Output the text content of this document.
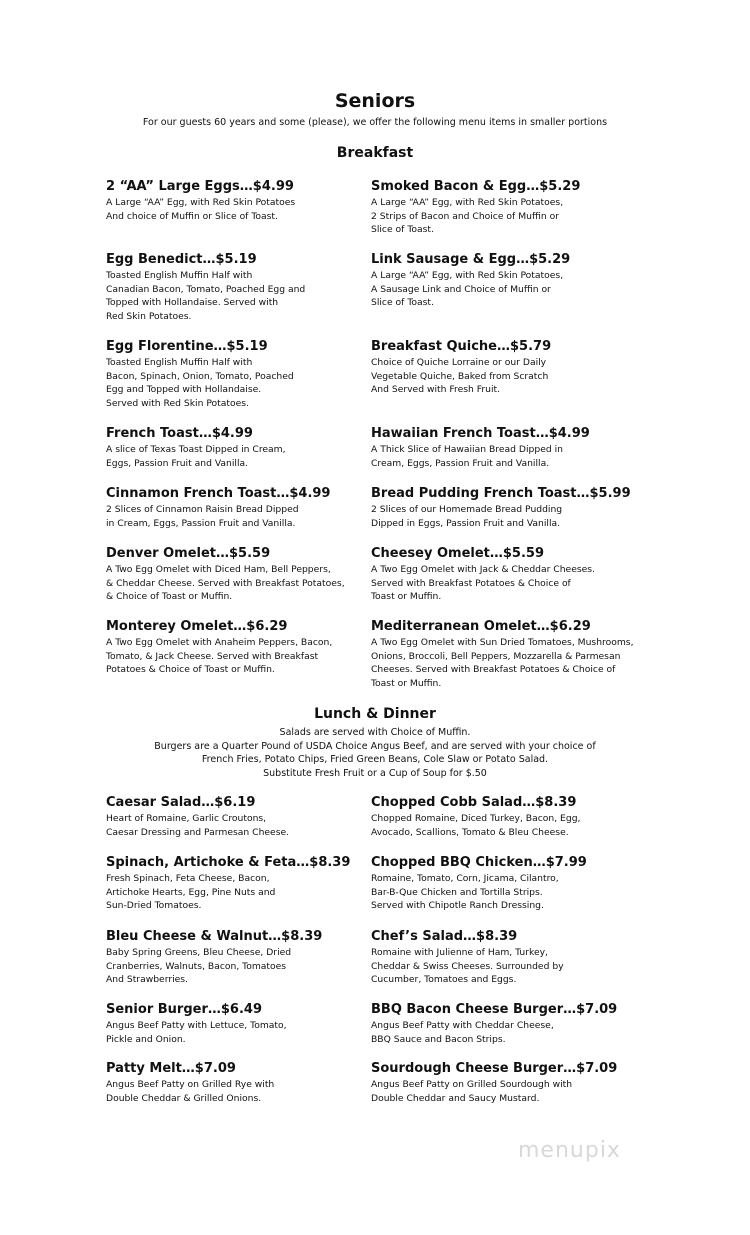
Seniors
For our guests 60 years and some (please), we offer the following menu items in smaller portions
Breakfast
2 “AA” Large Eggs…$4.99
A Large “AA” Egg, with Red Skin Potatoes
And choice of Muffin or Slice of Toast.
Smoked Bacon & Egg…$5.29
A Large “AA” Egg, with Red Skin Potatoes,
2 Strips of Bacon and Choice of Muffin or
Slice of Toast.
Egg Benedict…$5.19
Toasted English Muffin Half with
Canadian Bacon, Tomato, Poached Egg and
Topped with Hollandaise. Served with
Red Skin Potatoes.
Link Sausage & Egg…$5.29
A Large “AA” Egg, with Red Skin Potatoes,
A Sausage Link and Choice of Muffin or
Slice of Toast.
Egg Florentine…$5.19
Toasted English Muffin Half with
Bacon, Spinach, Onion, Tomato, Poached
Egg and Topped with Hollandaise.
Served with Red Skin Potatoes.
Breakfast Quiche…$5.79
Choice of Quiche Lorraine or our Daily
Vegetable Quiche, Baked from Scratch
And Served with Fresh Fruit.
French Toast…$4.99
A slice of Texas Toast Dipped in Cream,
Eggs, Passion Fruit and Vanilla.
Hawaiian French Toast…$4.99
A Thick Slice of Hawaiian Bread Dipped in
Cream, Eggs, Passion Fruit and Vanilla.
Cinnamon French Toast…$4.99
2 Slices of Cinnamon Raisin Bread Dipped
in Cream, Eggs, Passion Fruit and Vanilla.
Bread Pudding French Toast…$5.99
2 Slices of our Homemade Bread Pudding
Dipped in Eggs, Passion Fruit and Vanilla.
Denver Omelet…$5.59
A Two Egg Omelet with Diced Ham, Bell Peppers,
& Cheddar Cheese. Served with Breakfast Potatoes,
& Choice of Toast or Muffin.
Cheesey Omelet…$5.59
A Two Egg Omelet with Jack & Cheddar Cheeses.
Served with Breakfast Potatoes & Choice of
Toast or Muffin.
Monterey Omelet…$6.29
A Two Egg Omelet with Anaheim Peppers, Bacon,
Tomato, & Jack Cheese. Served with Breakfast
Potatoes & Choice of Toast or Muffin.
Mediterranean Omelet…$6.29
A Two Egg Omelet with Sun Dried Tomatoes, Mushrooms,
Onions, Broccoli, Bell Peppers, Mozzarella & Parmesan
Cheeses. Served with Breakfast Potatoes & Choice of
Toast or Muffin.
Lunch & Dinner
Salads are served with Choice of Muffin.
Burgers are a Quarter Pound of USDA Choice Angus Beef, and are served with your choice of
French Fries, Potato Chips, Fried Green Beans, Cole Slaw or Potato Salad.
Substitute Fresh Fruit or a Cup of Soup for $.50
Caesar Salad…$6.19
Heart of Romaine, Garlic Croutons,
Caesar Dressing and Parmesan Cheese.
Chopped Cobb Salad…$8.39
Chopped Romaine, Diced Turkey, Bacon, Egg,
Avocado, Scallions, Tomato & Bleu Cheese.
Spinach, Artichoke & Feta…$8.39
Fresh Spinach, Feta Cheese, Bacon,
Artichoke Hearts, Egg, Pine Nuts and
Sun-Dried Tomatoes.
Chopped BBQ Chicken…$7.99
Romaine, Tomato, Corn, Jicama, Cilantro,
Bar-B-Que Chicken and Tortilla Strips.
Served with Chipotle Ranch Dressing.
Bleu Cheese & Walnut…$8.39
Baby Spring Greens, Bleu Cheese, Dried
Cranberries, Walnuts, Bacon, Tomatoes
And Strawberries.
Chef’s Salad…$8.39
Romaine with Julienne of Ham, Turkey,
Cheddar & Swiss Cheeses. Surrounded by
Cucumber, Tomatoes and Eggs.
Senior Burger…$6.49
Angus Beef Patty with Lettuce, Tomato,
Pickle and Onion.
BBQ Bacon Cheese Burger…$7.09
Angus Beef Patty with Cheddar Cheese,
BBQ Sauce and Bacon Strips.
Patty Melt…$7.09
Angus Beef Patty on Grilled Rye with
Double Cheddar & Grilled Onions.
Sourdough Cheese Burger…$7.09
Angus Beef Patty on Grilled Sourdough with
Double Cheddar and Saucy Mustard.
menupix
